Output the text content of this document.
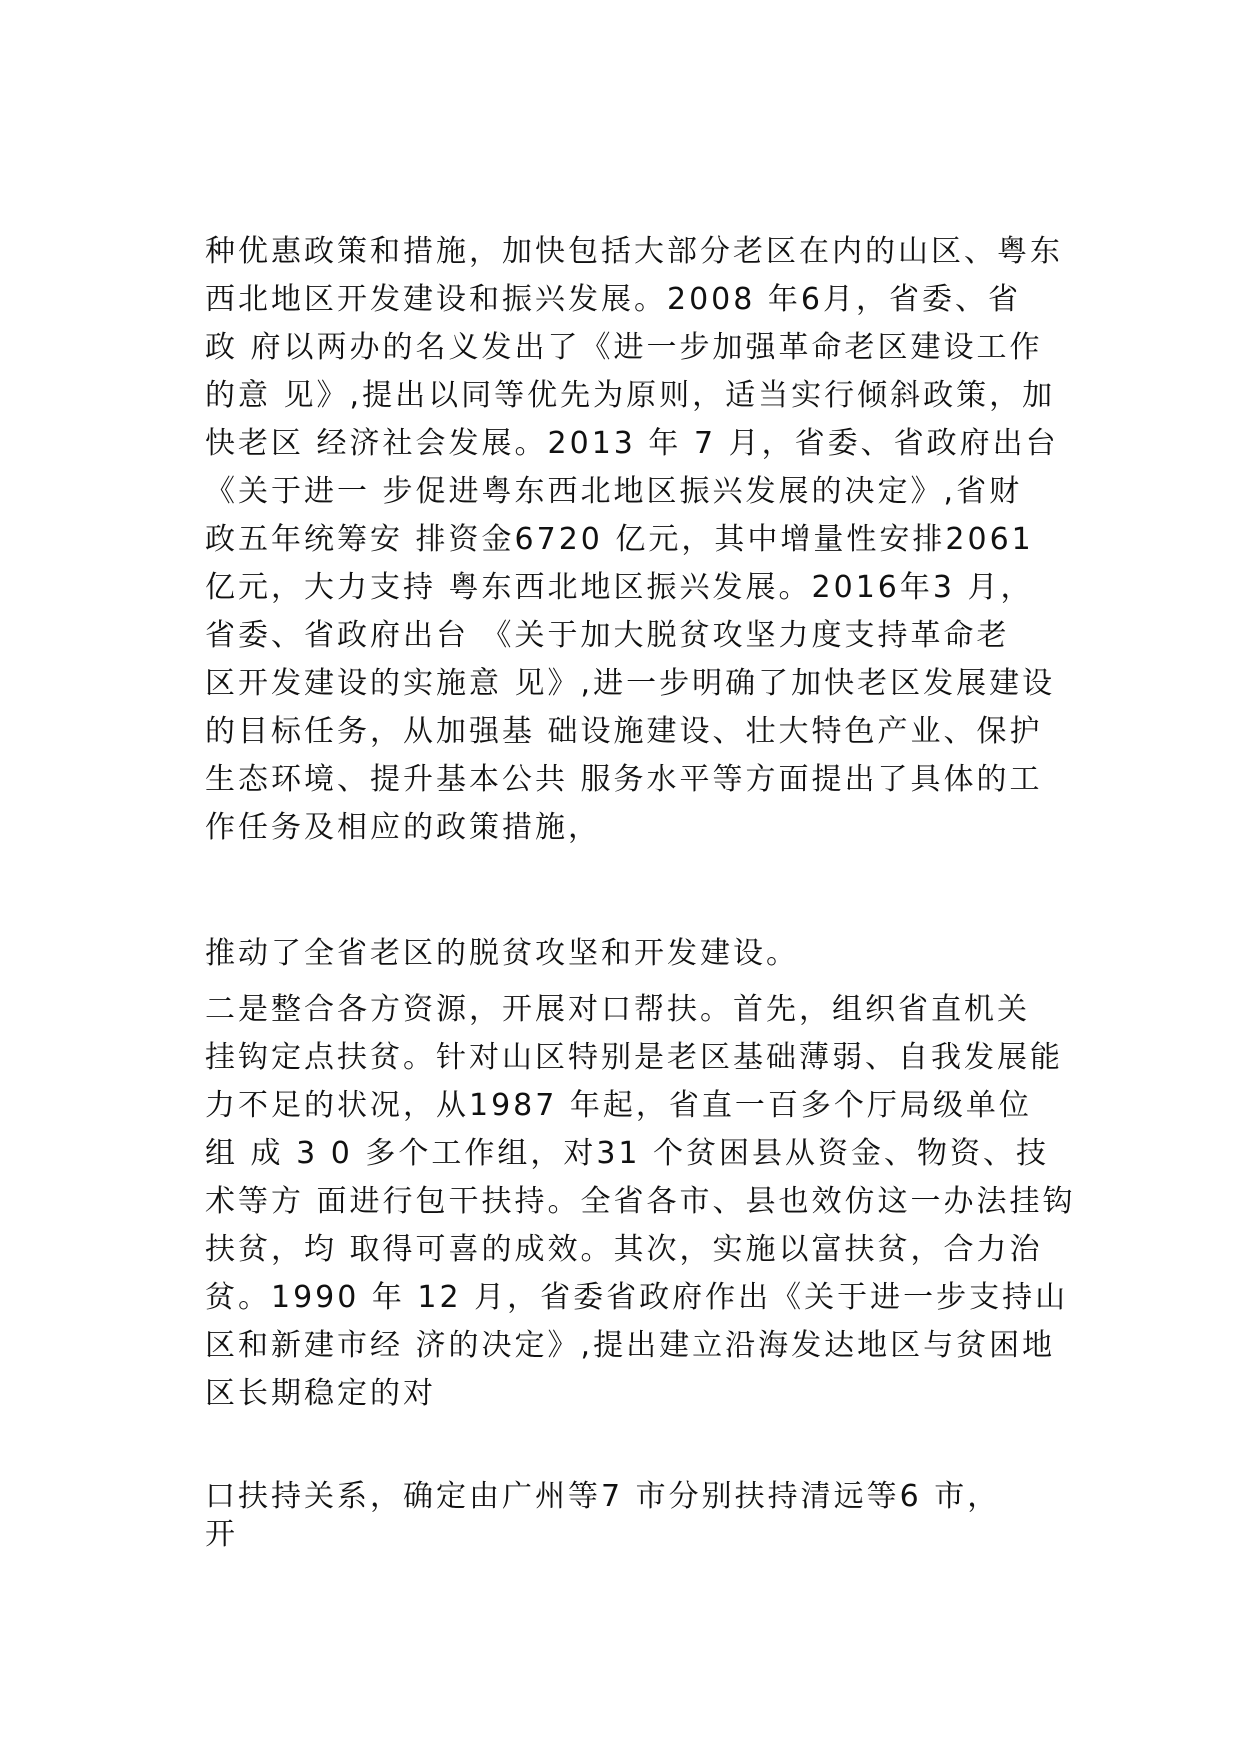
种优惠政策和措施，加快包括大部分老区在内的山区、粤东
西北地区开发建设和振兴发展。2008 年6月，省委、省
政 府以两办的名义发出了《进一步加强革命老区建设工作
的意 见》,提出以同等优先为原则，适当实行倾斜政策，加
快老区 经济社会发展。2013 年 7 月，省委、省政府出台
《关于进一 步促进粤东西北地区振兴发展的决定》,省财
政五年统筹安 排资金6720 亿元，其中增量性安排2061
亿元，大力支持 粤东西北地区振兴发展。2016年3 月，
省委、省政府出台 《关于加大脱贫攻坚力度支持革命老
区开发建设的实施意 见》,进一步明确了加快老区发展建设
的目标任务，从加强基 础设施建设、壮大特色产业、保护
生态环境、提升基本公共 服务水平等方面提出了具体的工
作任务及相应的政策措施，
推动了全省老区的脱贫攻坚和开发建设。
二是整合各方资源，开展对口帮扶。首先，组织省直机关
挂钩定点扶贫。针对山区特别是老区基础薄弱、自我发展能
力不足的状况，从1987 年起，省直一百多个厅局级单位
组 成 3 0 多个工作组，对31 个贫困县从资金、物资、技
术等方 面进行包干扶持。全省各市、县也效仿这一办法挂钩
扶贫，均 取得可喜的成效。其次，实施以富扶贫，合力治
贫。1990 年 12 月，省委省政府作出《关于进一步支持山
区和新建市经 济的决定》,提出建立沿海发达地区与贫困地
区长期稳定的对
口扶持关系，确定由广州等7 市分别扶持清远等6 市，
开
